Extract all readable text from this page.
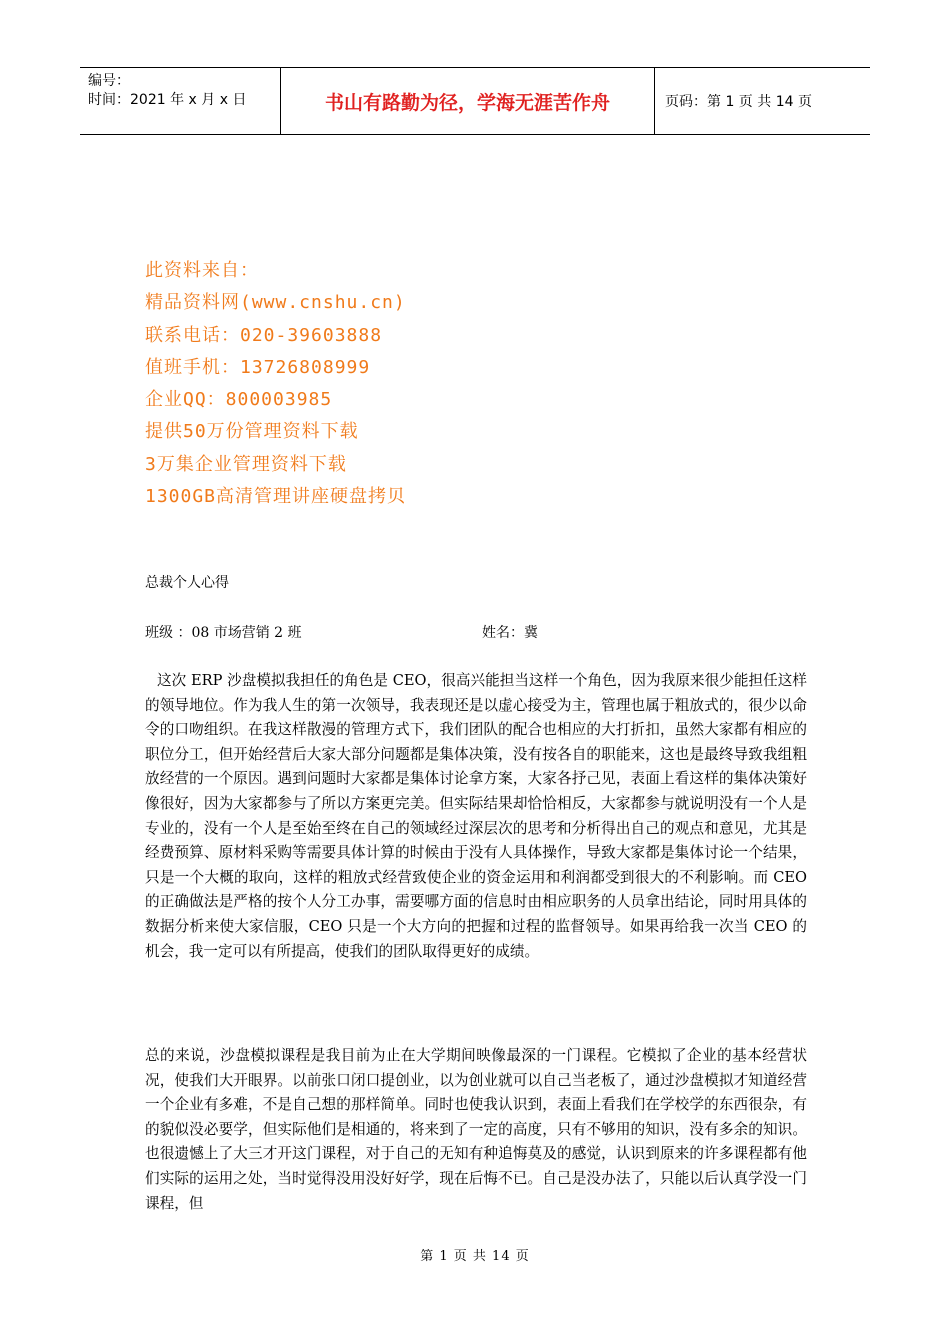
编号：
时间：2021 年 x 月 x 日	书山有路勤为径，学海无涯苦作舟	页码：第 1 页 共 14 页
此资料来自：
精品资料网(www.cnshu.cn)
联系电话：020-39603888
值班手机：13726808999
企业QQ：800003985
提供50万份管理资料下载
3万集企业管理资料下载
1300GB高清管理讲座硬盘拷贝
总裁个人心得
班级 ：08 市场营销 2 班	姓名：冀
这次 ERP 沙盘模拟我担任的角色是 CEO，很高兴能担当这样一个角色，因为我原来很少能担任这样的领导地位。作为我人生的第一次领导，我表现还是以虚心接受为主，管理也属于粗放式的，很少以命令的口吻组织。在我这样散漫的管理方式下，我们团队的配合也相应的大打折扣，虽然大家都有相应的职位分工，但开始经营后大家大部分问题都是集体决策，没有按各自的职能来，这也是最终导致我组粗放经营的一个原因。遇到问题时大家都是集体讨论拿方案，大家各抒己见，表面上看这样的集体决策好像很好，因为大家都参与了所以方案更完美。但实际结果却恰恰相反，大家都参与就说明没有一个人是专业的，没有一个人是至始至终在自己的领域经过深层次的思考和分析得出自己的观点和意见，尤其是经费预算、原材料采购等需要具体计算的时候由于没有人具体操作，导致大家都是集体讨论一个结果，只是一个大概的取向，这样的粗放式经营致使企业的资金运用和利润都受到很大的不利影响。而 CEO 的正确做法是严格的按个人分工办事，需要哪方面的信息时由相应职务的人员拿出结论，同时用具体的数据分析来使大家信服，CEO 只是一个大方向的把握和过程的监督领导。如果再给我一次当 CEO 的机会，我一定可以有所提高，使我们的团队取得更好的成绩。
总的来说，沙盘模拟课程是我目前为止在大学期间映像最深的一门课程。它模拟了企业的基本经营状况，使我们大开眼界。以前张口闭口提创业，以为创业就可以自己当老板了，通过沙盘模拟才知道经营一个企业有多难，不是自己想的那样简单。同时也使我认识到，表面上看我们在学校学的东西很杂，有的貌似没必要学，但实际他们是相通的，将来到了一定的高度，只有不够用的知识，没有多余的知识。也很遗憾上了大三才开这门课程，对于自己的无知有种追悔莫及的感觉，认识到原来的许多课程都有他们实际的运用之处，当时觉得没用没好好学，现在后悔不已。自己是没办法了，只能以后认真学没一门课程，但
第 1 页 共 14 页
